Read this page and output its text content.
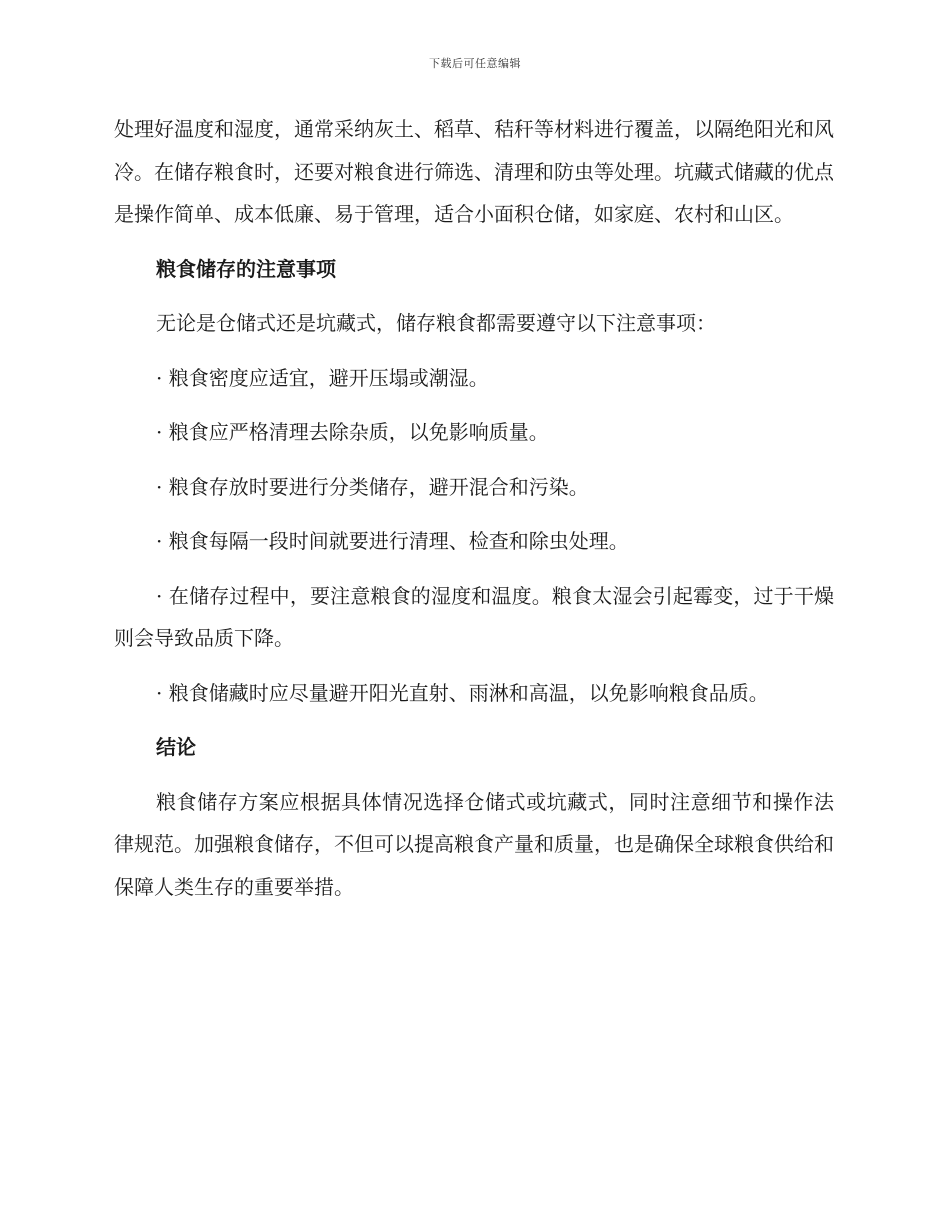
下载后可任意编辑

处理好温度和湿度，通常采纳灰土、稻草、秸秆等材料进行覆盖，以隔绝阳光和风冷。在储存粮食时，还要对粮食进行筛选、清理和防虫等处理。坑藏式储藏的优点是操作简单、成本低廉、易于管理，适合小面积仓储，如家庭、农村和山区。

粮食储存的注意事项

无论是仓储式还是坑藏式，储存粮食都需要遵守以下注意事项：

· 粮食密度应适宜，避开压塌或潮湿。

· 粮食应严格清理去除杂质，以免影响质量。

· 粮食存放时要进行分类储存，避开混合和污染。

· 粮食每隔一段时间就要进行清理、检查和除虫处理。

· 在储存过程中，要注意粮食的湿度和温度。粮食太湿会引起霉变，过于干燥则会导致品质下降。

· 粮食储藏时应尽量避开阳光直射、雨淋和高温，以免影响粮食品质。

结论

粮食储存方案应根据具体情况选择仓储式或坑藏式，同时注意细节和操作法律规范。加强粮食储存，不但可以提高粮食产量和质量，也是确保全球粮食供给和保障人类生存的重要举措。
